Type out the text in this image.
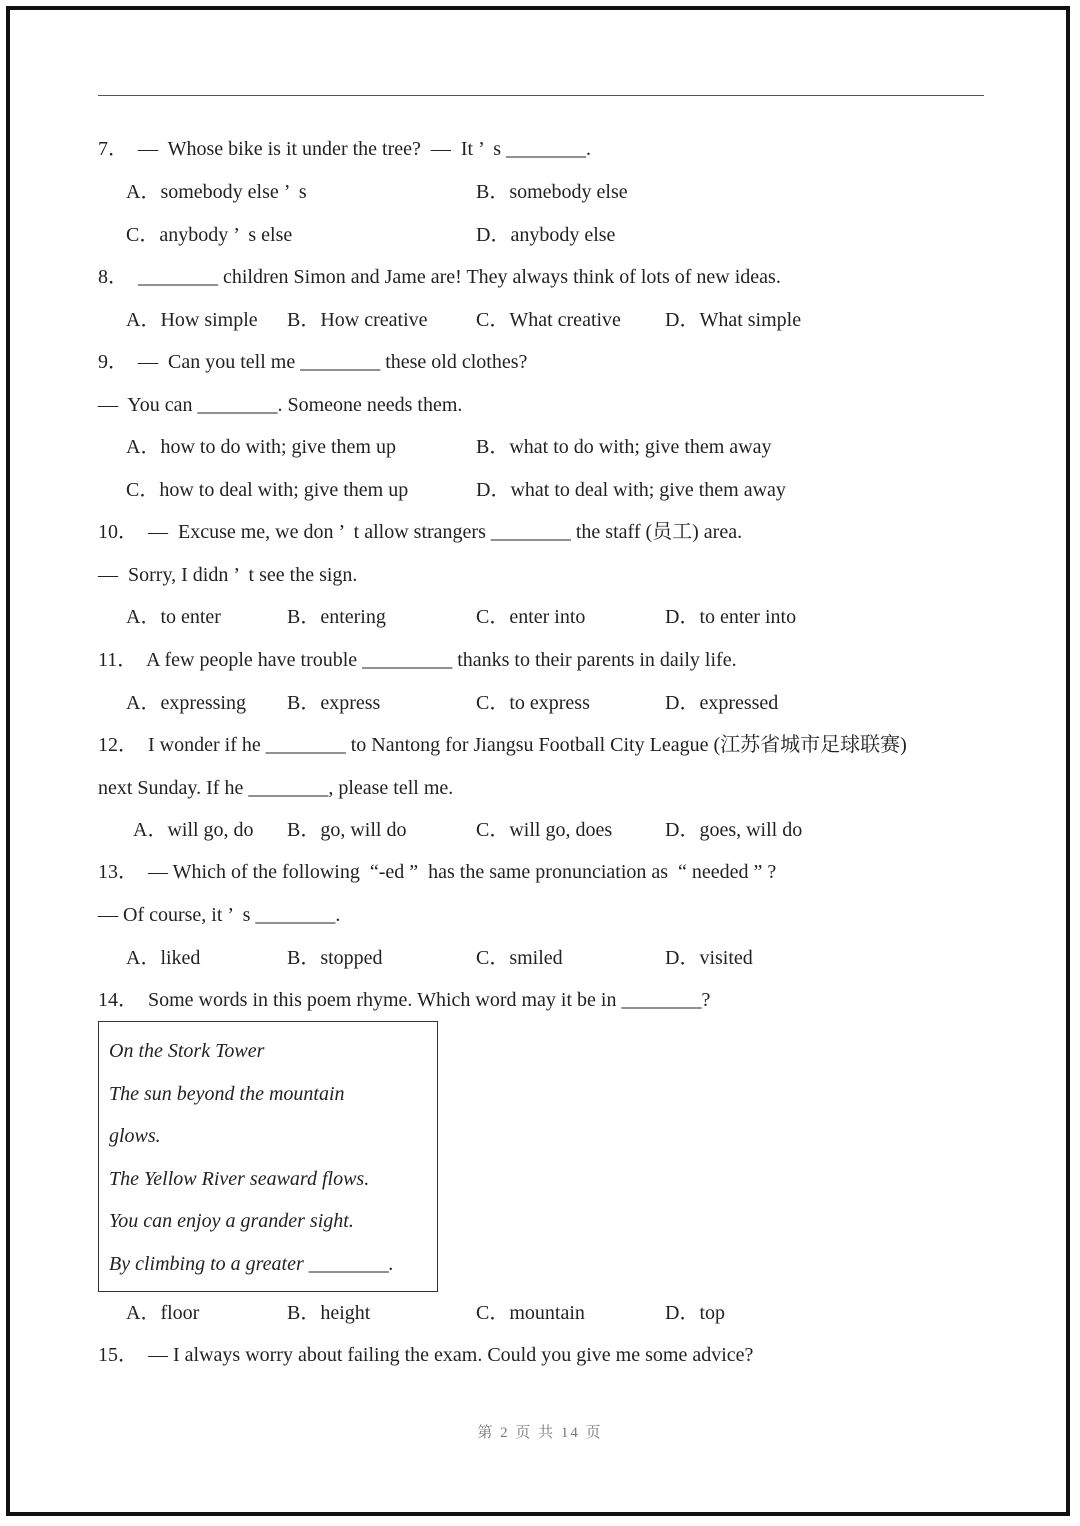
7．  —  Whose bike is it under the tree?  —  It ’  s ________.
A．somebody else ’  s	B．somebody else
C．anybody ’  s else	D．anybody else
8．  ________ children Simon and Jame are! They always think of lots of new ideas.
A．How simple B．How creative C．What creative D．What simple
9．  —  Can you tell me ________ these old clothes?
—  You can ________. Someone needs them.
A．how to do with; give them up	B．what to do with; give them away
C．how to deal with; give them up	D．what to deal with; give them away
10．  —  Excuse me, we don ’  t allow strangers ________ the staff (员工) area.
—  Sorry, I didn ’  t see the sign.
A．to enter	B．entering	C．enter into	D．to enter into
11．  A few people have trouble _________ thanks to their parents in daily life.
A．expressing B．express	C．to express	D．expressed
12．  I wonder if he ________ to Nantong for Jiangsu Football City League (江苏省城市足球联赛)
next Sunday. If he ________, please tell me.
A．will go, do B．go, will do	C．will go, does	D．goes, will do
13．  — Which of the following  “-ed ”  has the same pronunciation as  “ needed ” ?
— Of course, it ’  s ________.
A．liked	B．stopped	C．smiled	D．visited
14．  Some words in this poem rhyme. Which word may it be in ________?
On the Stork Tower
The sun beyond the mountain
glows.
The Yellow River seaward flows.
You can enjoy a grander sight.
By climbing to a greater ________.
A．floor	B．height	C．mountain	D．top
15．  — I always worry about failing the exam. Could you give me some advice?
第 2 页 共 14 页
